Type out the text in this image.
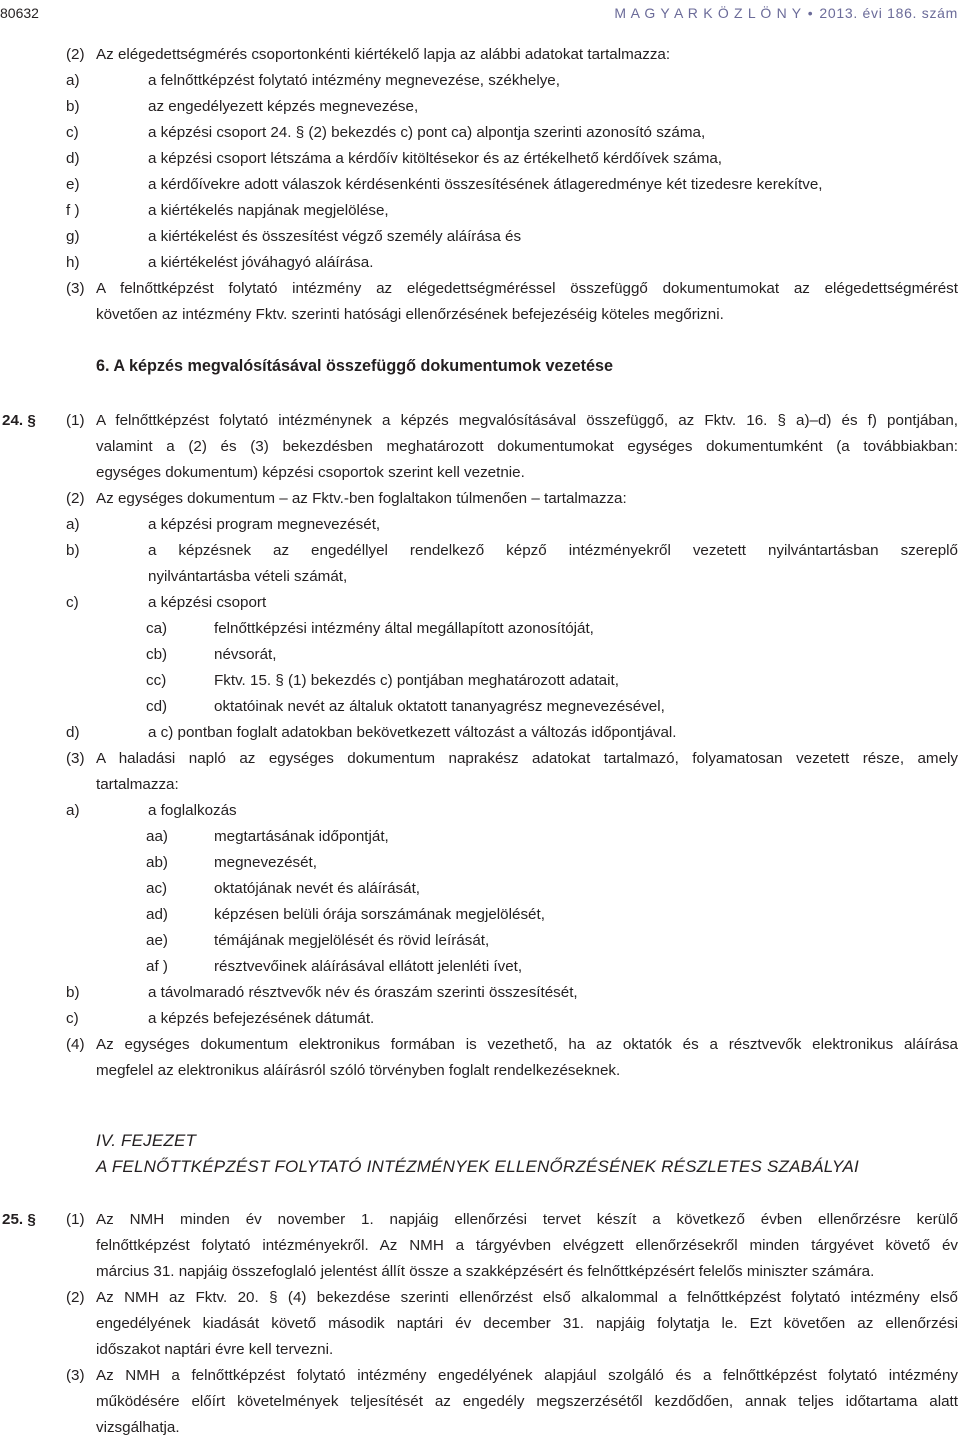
80632	M A G Y A R K Ö Z L Ö N Y • 2013. évi 186. szám
(2) Az elégedettségmérés csoportonkénti kiértékelő lapja az alábbi adatokat tartalmazza:
a)	a felnőttképzést folytató intézmény megnevezése, székhelye,
b)	az engedélyezett képzés megnevezése,
c)	a képzési csoport 24. § (2) bekezdés c) pont ca) alpontja szerinti azonosító száma,
d)	a képzési csoport létszáma a kérdőív kitöltésekor és az értékelhető kérdőívek száma,
e)	a kérdőívekre adott válaszok kérdésenkénti összesítésének átlageredménye két tizedesre kerekítve,
f )	a kiértékelés napjának megjelölése,
g)	a kiértékelést és összesítést végző személy aláírása és
h)	a kiértékelést jóváhagyó aláírása.
(3) A felnőttképzést folytató intézmény az elégedettségméréssel összefüggő dokumentumokat az elégedettségmérést
követően az intézmény Fktv. szerinti hatósági ellenőrzésének befejezéséig köteles megőrizni.
6. A képzés megvalósításával összefüggő dokumentumok vezetése
24. § (1) A felnőttképzést folytató intézménynek a képzés megvalósításával összefüggő, az Fktv. 16. § a)–d) és f) pontjában,
valamint a (2) és (3) bekezdésben meghatározott dokumentumokat egységes dokumentumként (a továbbiakban:
egységes dokumentum) képzési csoportok szerint kell vezetnie.
(2) Az egységes dokumentum – az Fktv.-ben foglaltakon túlmenően – tartalmazza:
a)	a képzési program megnevezését,
b)	a képzésnek az engedéllyel rendelkező képző intézményekről vezetett nyilvántartásban szereplő
nyilvántartásba vételi számát,
c)	a képzési csoport
ca)	felnőttképzési intézmény által megállapított azonosítóját,
cb)	névsorát,
cc)	Fktv. 15. § (1) bekezdés c) pontjában meghatározott adatait,
cd)	oktatóinak nevét az általuk oktatott tananyagrész megnevezésével,
d)	a c) pontban foglalt adatokban bekövetkezett változást a változás időpontjával.
(3) A haladási napló az egységes dokumentum naprakész adatokat tartalmazó, folyamatosan vezetett része, amely
tartalmazza:
a)	a foglalkozás
aa)	megtartásának időpontját,
ab)	megnevezését,
ac)	oktatójának nevét és aláírását,
ad)	képzésen belüli órája sorszámának megjelölését,
ae)	témájának megjelölését és rövid leírását,
af )	résztvevőinek aláírásával ellátott jelenléti ívet,
b)	a távolmaradó résztvevők név és óraszám szerinti összesítését,
c)	a képzés befejezésének dátumát.
(4) Az egységes dokumentum elektronikus formában is vezethető, ha az oktatók és a résztvevők elektronikus aláírása
megfelel az elektronikus aláírásról szóló törvényben foglalt rendelkezéseknek.
IV. FEJEZET
A FELNŐTTKÉPZÉST FOLYTATÓ INTÉZMÉNYEK ELLENŐRZÉSÉNEK RÉSZLETES SZABÁLYAI
25. § (1) Az NMH minden év november 1. napjáig ellenőrzési tervet készít a következő évben ellenőrzésre kerülő
felnőttképzést folytató intézményekről. Az NMH a tárgyévben elvégzett ellenőrzésekről minden tárgyévet követő év
március 31. napjáig összefoglaló jelentést állít össze a szakképzésért és felnőttképzésért felelős miniszter számára.
(2) Az NMH az Fktv. 20. § (4) bekezdése szerinti ellenőrzést első alkalommal a felnőttképzést folytató intézmény első
engedélyének kiadását követő második naptári év december 31. napjáig folytatja le. Ezt követően az ellenőrzési
időszakot naptári évre kell tervezni.
(3) Az NMH a felnőttképzést folytató intézmény engedélyének alapjául szolgáló és a felnőttképzést folytató intézmény
működésére előírt követelmények teljesítését az engedély megszerzésétől kezdődően, annak teljes időtartama alatt
vizsgálhatja.
